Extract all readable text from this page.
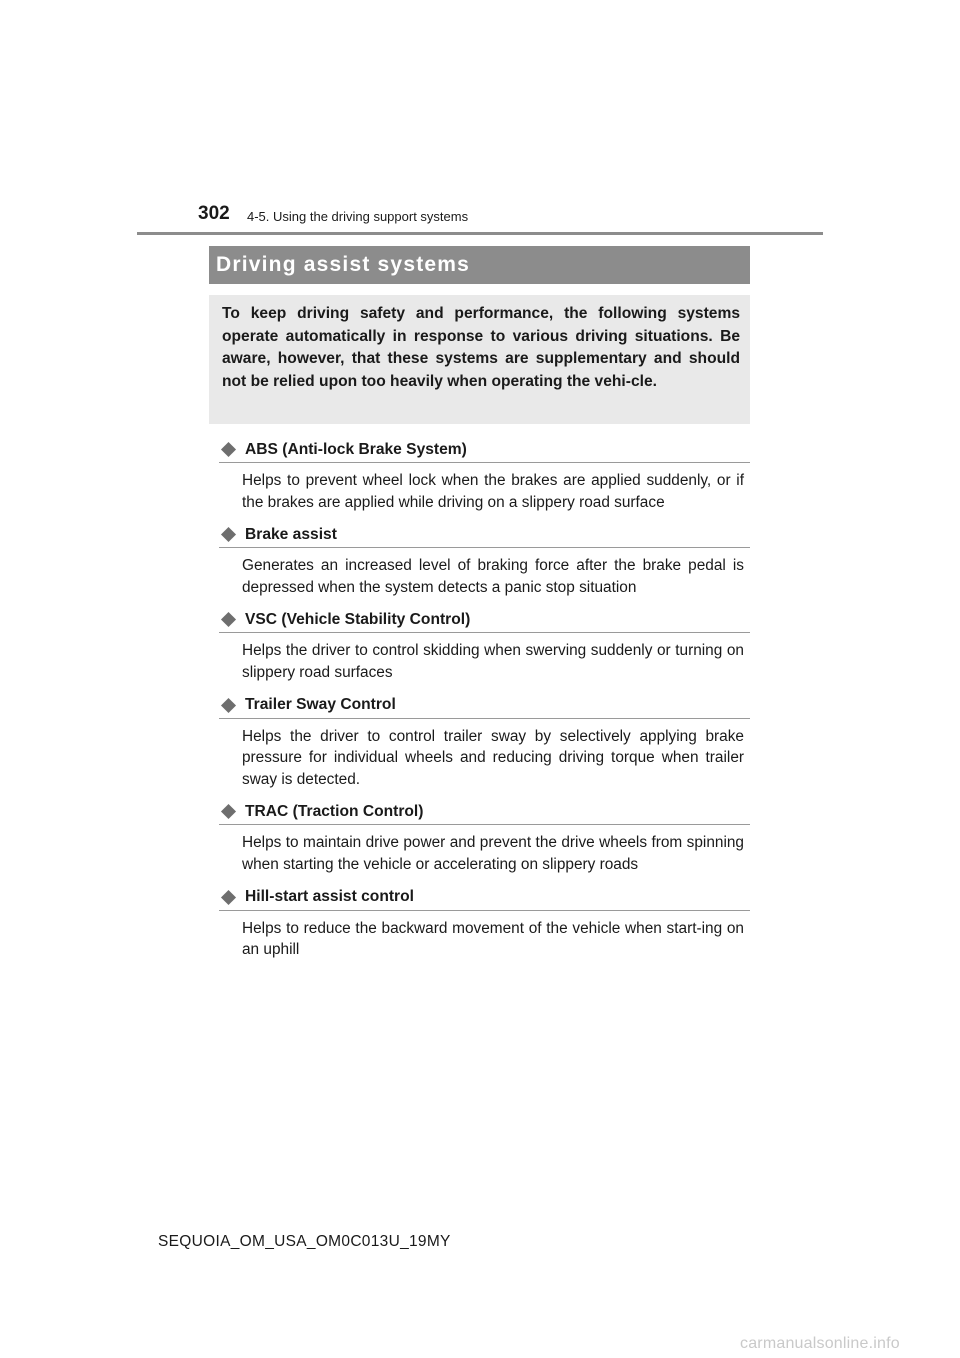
302 4-5. Using the driving support systems
Driving assist systems
To keep driving safety and performance, the following systems operate automatically in response to various driving situations. Be aware, however, that these systems are supplementary and should not be relied upon too heavily when operating the vehi-cle.
ABS (Anti-lock Brake System)
Helps to prevent wheel lock when the brakes are applied suddenly, or if the brakes are applied while driving on a slippery road surface
Brake assist
Generates an increased level of braking force after the brake pedal is depressed when the system detects a panic stop situation
VSC (Vehicle Stability Control)
Helps the driver to control skidding when swerving suddenly or turning on slippery road surfaces
Trailer Sway Control
Helps the driver to control trailer sway by selectively applying brake pressure for individual wheels and reducing driving torque when trailer sway is detected.
TRAC (Traction Control)
Helps to maintain drive power and prevent the drive wheels from spinning when starting the vehicle or accelerating on slippery roads
Hill-start assist control
Helps to reduce the backward movement of the vehicle when start-ing on an uphill
SEQUOIA_OM_USA_OM0C013U_19MY
carmanualsonline.info
